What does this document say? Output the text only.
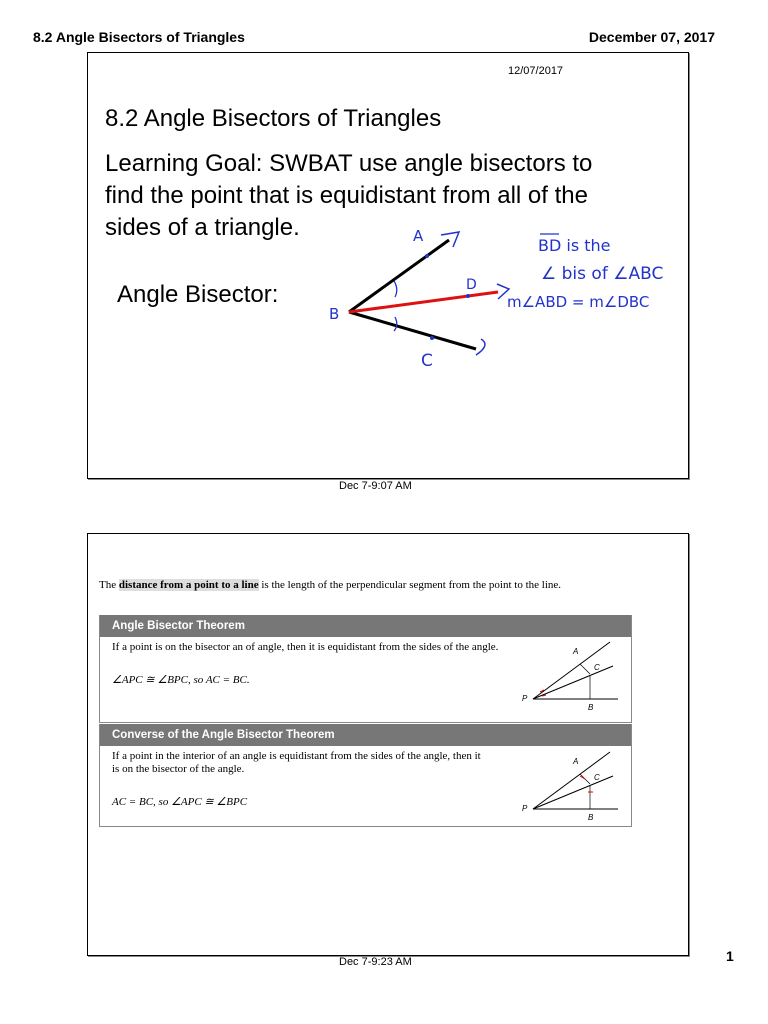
8.2 Angle Bisectors of Triangles	December 07, 2017
12/07/2017
8.2 Angle Bisectors of Triangles
Learning Goal: SWBAT use angle bisectors to
find the point that is equidistant from all of the
sides of a triangle.
Angle Bisector:
A
B
C
D
BD is the
∠ bis of ∠ABC
m∠ABD = m∠DBC
Dec 7-9:07 AM
The distance from a point to a line is the length of the perpendicular segment from the point to the line.
Angle Bisector Theorem
If a point is on the bisector an of angle, then it is equidistant from the sides of the angle.
∠APC ≅ ∠BPC, so AC = BC.
Converse of the Angle Bisector Theorem
If a point in the interior of an angle is equidistant from the sides of the angle, then it
is on the bisector of the angle.
AC = BC, so ∠APC ≅ ∠BPC
A
C
P
B
A
C
P
B
Dec 7-9:23 AM	1
